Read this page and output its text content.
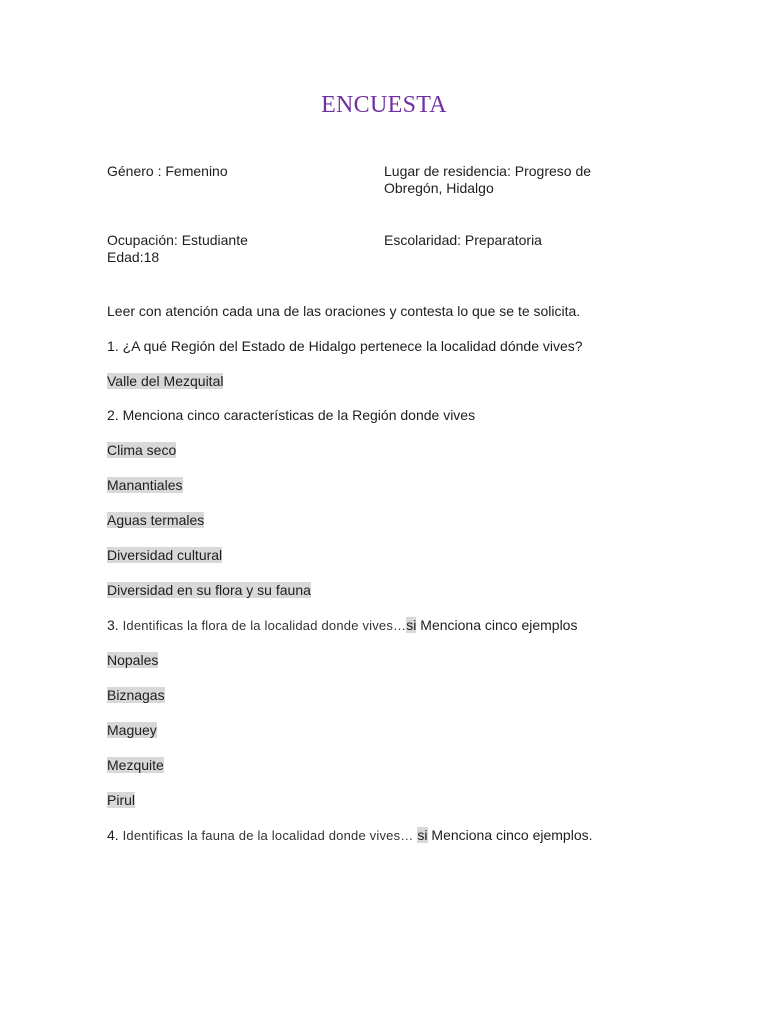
ENCUESTA
Género : Femenino	Lugar de residencia: Progreso de
Obregón, Hidalgo
Ocupación: Estudiante
Edad:18
Escolaridad: Preparatoria
Leer con atención cada una de las oraciones y contesta lo que se te solicita.
1. ¿A qué Región del Estado de Hidalgo pertenece la localidad dónde vives?
Valle del Mezquital
2. Menciona cinco características de la Región donde vives
Clima seco
Manantiales
Aguas termales
Diversidad cultural
Diversidad en su flora y su fauna
3. Identificas la flora de la localidad donde vives…si Menciona cinco ejemplos
Nopales
Biznagas
Maguey
Mezquite
Pirul
4. Identificas la fauna de la localidad donde vives… si Menciona cinco ejemplos.
